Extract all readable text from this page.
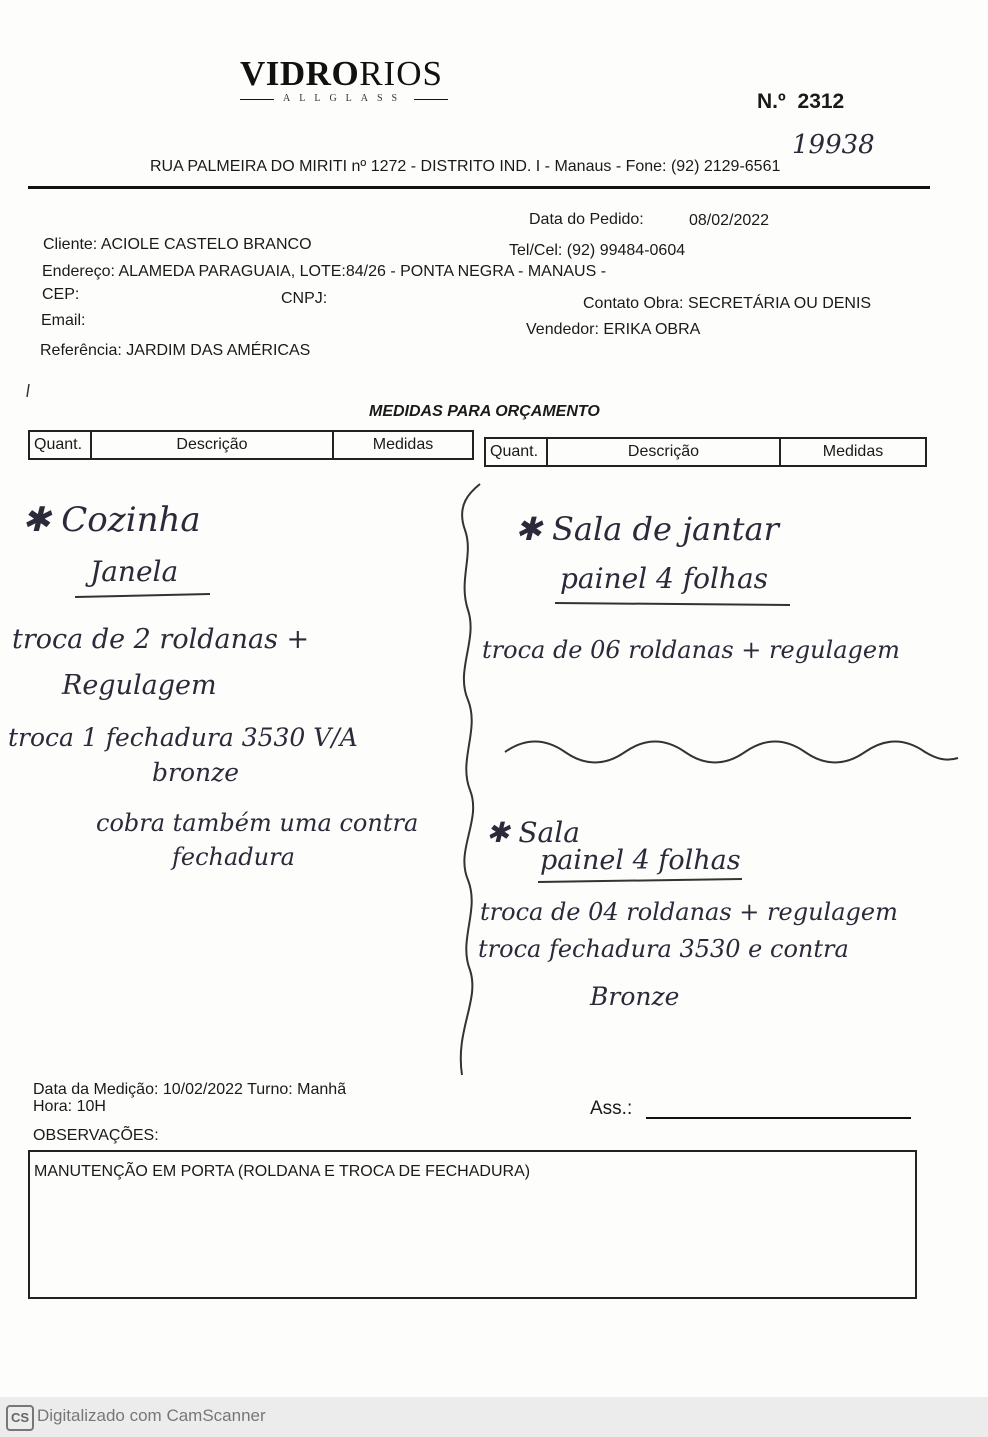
VIDRORIOS
ALLGLASS	N.º 2312
19938
RUA PALMEIRA DO MIRITI nº 1272 - DISTRITO IND. I - Manaus - Fone: (92) 2129-6561
Data do Pedido:	08/02/2022
Cliente: ACIOLE CASTELO BRANCO	Tel/Cel: (92) 99484-0604
Endereço: ALAMEDA PARAGUAIA, LOTE:84/26 - PONTA NEGRA - MANAUS -
CEP:	CNPJ:	Contato Obra: SECRETÁRIA OU DENIS
Email:
Vendedor: ERIKA OBRA
Referência: JARDIM DAS AMÉRICAS
MEDIDAS PARA ORÇAMENTO
Quant.	Descrição	Medidas	Quant.	Descrição	Medidas
✱ Cozinha
Janela
troca de 2 roldanas +
Regulagem
troca 1 fechadura 3530 V/A
bronze
cobra também uma contra
fechadura
✱ Sala de jantar
painel 4 folhas
troca de 06 roldanas + regulagem
✱ Sala
painel 4 folhas
troca de 04 roldanas + regulagem
troca fechadura 3530 e contra
Bronze
Data da Medição: 10/02/2022 Turno: Manhã
Hora: 10H	Ass.:
OBSERVAÇÕES:
MANUTENÇÃO EM PORTA (ROLDANA E TROCA DE FECHADURA)
CS Digitalizado com CamScanner
